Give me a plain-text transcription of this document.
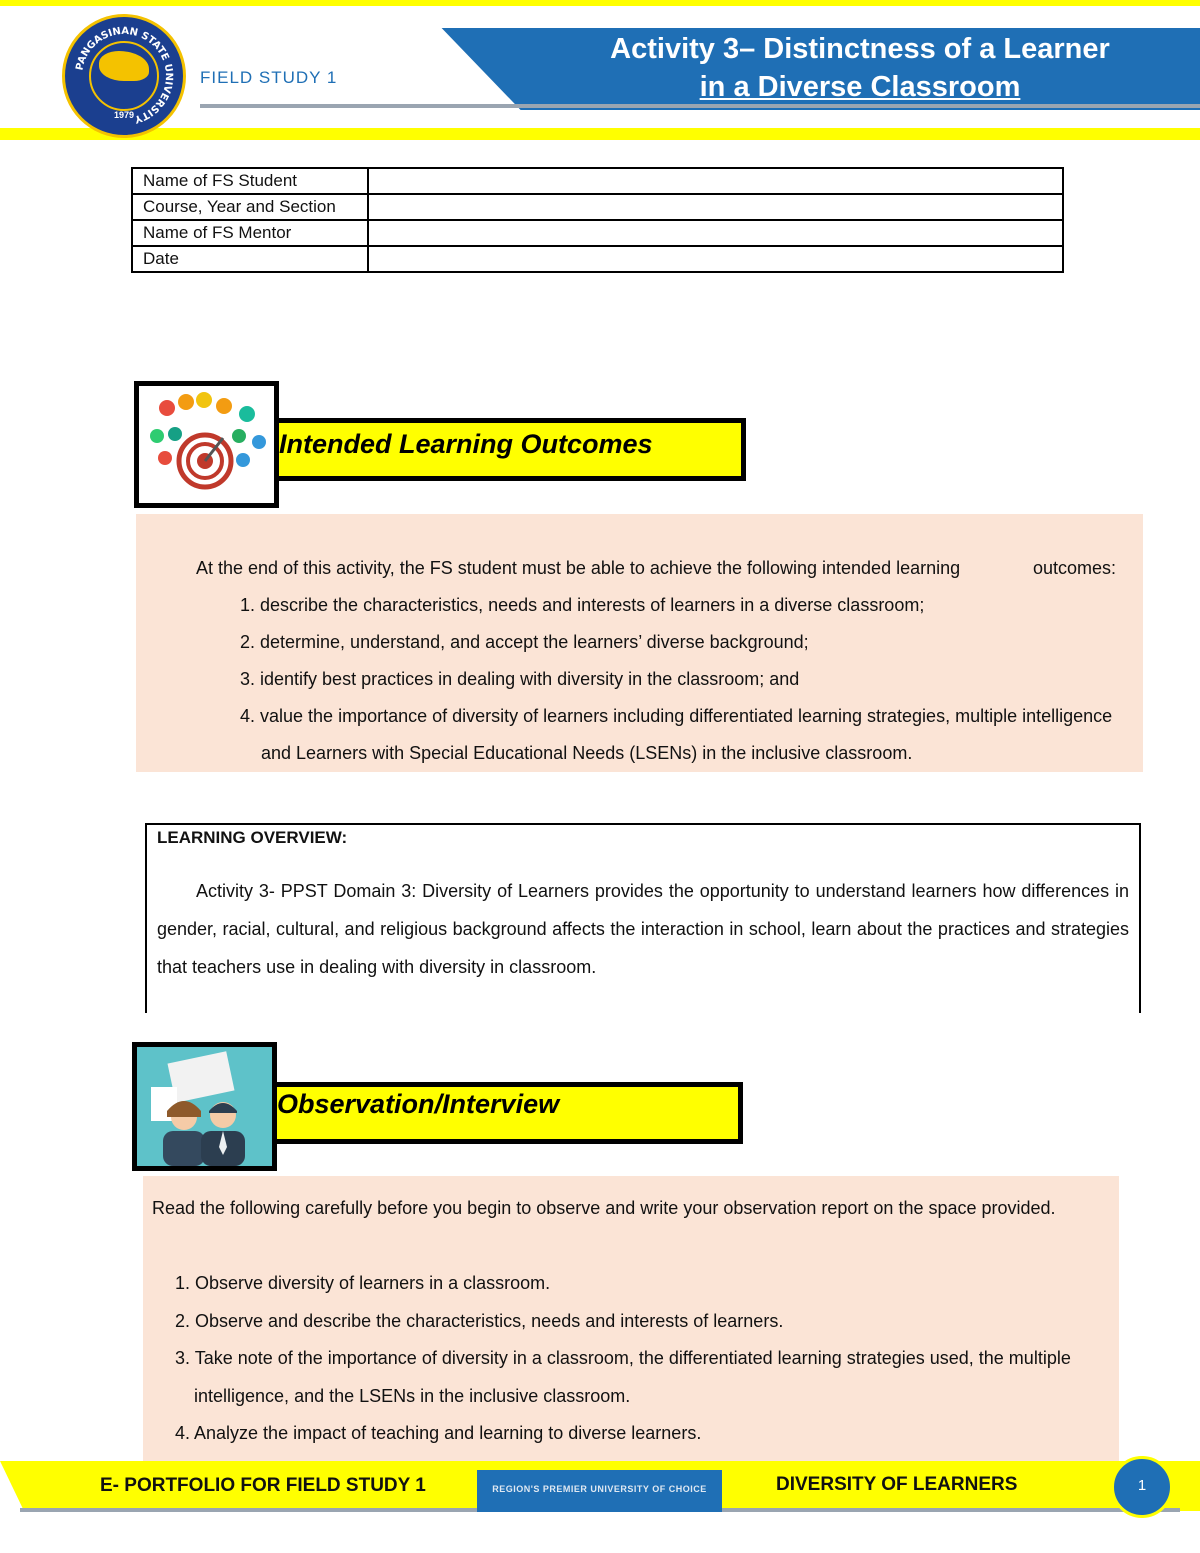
Activity 3– Distinctness of a Learner
in a Diverse Classroom
FIELD STUDY 1
PANGASINAN STATE UNIVERSITY
1979
Name of FS Student	
Course, Year and Section	
Name of FS Mentor	
Date	
Intended Learning Outcomes
At the end of this activity, the FS student must be able to achieve the following intended learning	outcomes:
1. describe the characteristics, needs and interests of learners in a diverse classroom;
2. determine, understand, and accept the learners’ diverse background;
3. identify best practices in dealing with diversity in the classroom; and
4. value the importance of diversity of learners including differentiated learning strategies, multiple intelligence
and Learners with Special Educational Needs (LSENs) in the inclusive classroom.
LEARNING OVERVIEW:
Activity 3- PPST Domain 3: Diversity of Learners provides the opportunity to understand learners how differences in gender, racial, cultural, and religious background affects the interaction in school, learn about the practices and strategies that teachers use in dealing with diversity in classroom.
Observation/Interview
Read the following carefully before you begin to observe and write your observation report on the space provided.
1. Observe diversity of learners in a classroom.
2. Observe and describe the characteristics, needs and interests of learners.
3. Take note of the importance of diversity in a classroom, the differentiated learning strategies used, the multiple
intelligence, and the LSENs in the inclusive classroom.
4. Analyze the impact of teaching and learning to diverse learners.
E- PORTFOLIO FOR FIELD STUDY 1	REGION'S PREMIER UNIVERSITY OF CHOICE	DIVERSITY OF LEARNERS	1
